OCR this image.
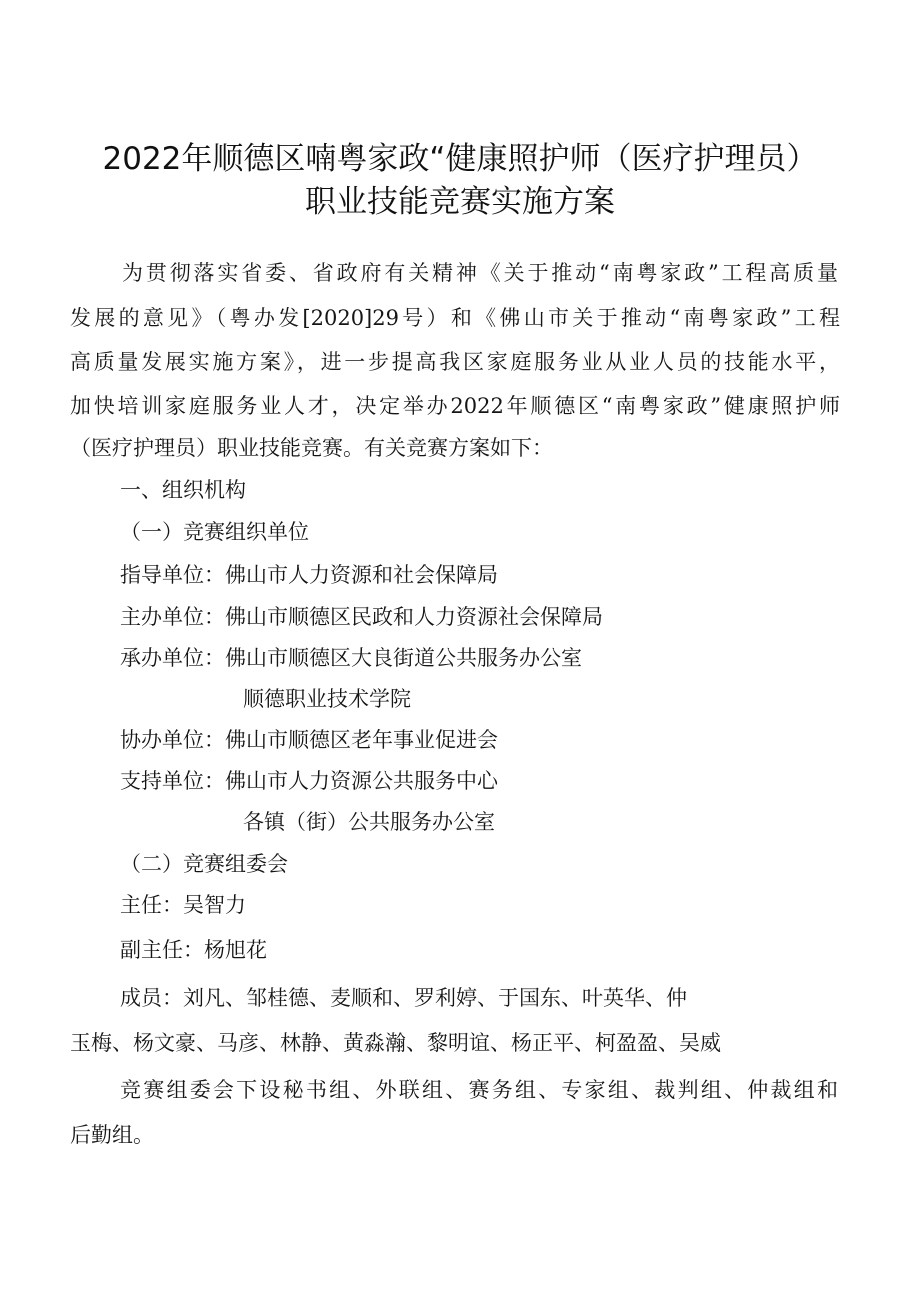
2022年顺德区喃粤家政“健康照护师（医疗护理员）
职业技能竞赛实施方案
为贯彻落实省委、省政府有关精神《关于推动“南粤家政”工程高质量
发展的意见》（粤办发[2020]29号）和《佛山市关于推动“南粤家政”工程
高质量发展实施方案》，进一步提高我区家庭服务业从业人员的技能水平，
加快培训家庭服务业人才，决定举办2022年顺德区“南粤家政”健康照护师
（医疗护理员）职业技能竞赛。有关竞赛方案如下：
一、组织机构
（一）竞赛组织单位
指导单位：佛山市人力资源和社会保障局
主办单位：佛山市顺德区民政和人力资源社会保障局
承办单位：佛山市顺德区大良街道公共服务办公室
顺德职业技术学院
协办单位：佛山市顺德区老年事业促进会
支持单位：佛山市人力资源公共服务中心
各镇（街）公共服务办公室
（二）竞赛组委会
主任：吴智力
副主任：杨旭花
成员：刘凡、邹桂德、麦顺和、罗利婷、于国东、叶英华、仲
玉梅、杨文豪、马彦、林静、黄淼瀚、黎明谊、杨正平、柯盈盈、吴威
竞赛组委会下设秘书组、外联组、赛务组、专家组、裁判组、仲裁组和
后勤组。
